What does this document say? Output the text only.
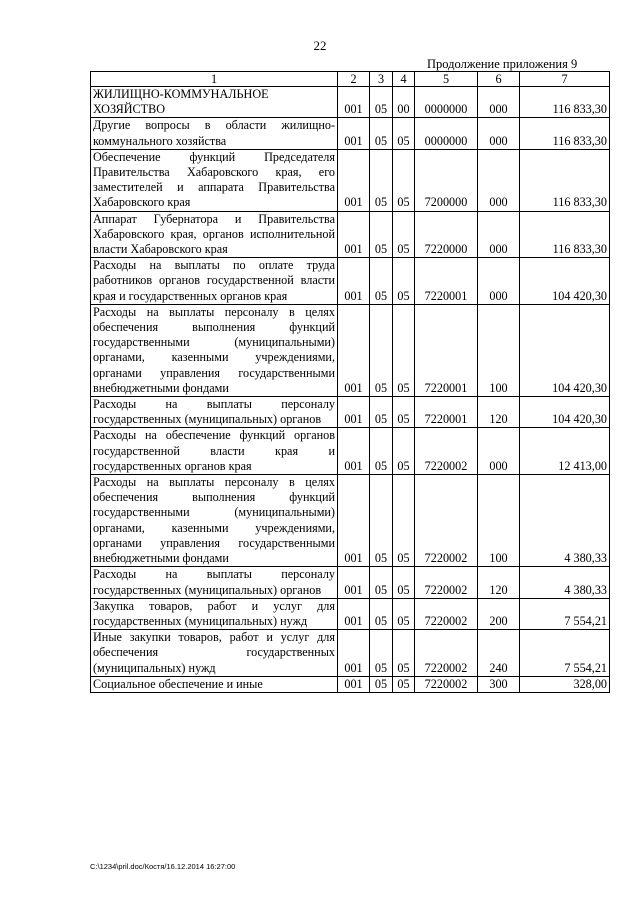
22
Продолжение приложения 9
1	2	3	4	5	6	7
ЖИЛИЩНО-КОММУНАЛЬНОЕ ХОЗЯЙСТВО	001	05	00	0000000	000	116 833,30
Другие вопросы в области жилищно-коммунального хозяйства	001	05	05	0000000	000	116 833,30
Обеспечение функций Председателя Правительства Хабаровского края, его заместителей и аппарата Правительства Хабаровского края	001	05	05	7200000	000	116 833,30
Аппарат Губернатора и Правительства Хабаровского края, органов исполнительной власти Хабаровского края	001	05	05	7220000	000	116 833,30
Расходы на выплаты по оплате труда работников органов государственной власти края и государственных органов края	001	05	05	7220001	000	104 420,30
Расходы на выплаты персоналу в целях обеспечения выполнения функций государственными (муниципальными) органами, казенными учреждениями, органами управления государственными внебюджетными фондами	001	05	05	7220001	100	104 420,30
Расходы на выплаты персоналу государственных (муниципальных) органов	001	05	05	7220001	120	104 420,30
Расходы на обеспечение функций органов государственной власти края и государственных органов края	001	05	05	7220002	000	12 413,00
Расходы на выплаты персоналу в целях обеспечения выполнения функций государственными (муниципальными) органами, казенными учреждениями, органами управления государственными внебюджетными фондами	001	05	05	7220002	100	4 380,33
Расходы на выплаты персоналу государственных (муниципальных) органов	001	05	05	7220002	120	4 380,33
Закупка товаров, работ и услуг для государственных (муниципальных) нужд	001	05	05	7220002	200	7 554,21
Иные закупки товаров, работ и услуг для обеспечения государственных (муниципальных) нужд	001	05	05	7220002	240	7 554,21
Социальное обеспечение и иные	001	05	05	7220002	300	328,00
C:\1234\pril.doc/Костя/16.12.2014 16:27:00
